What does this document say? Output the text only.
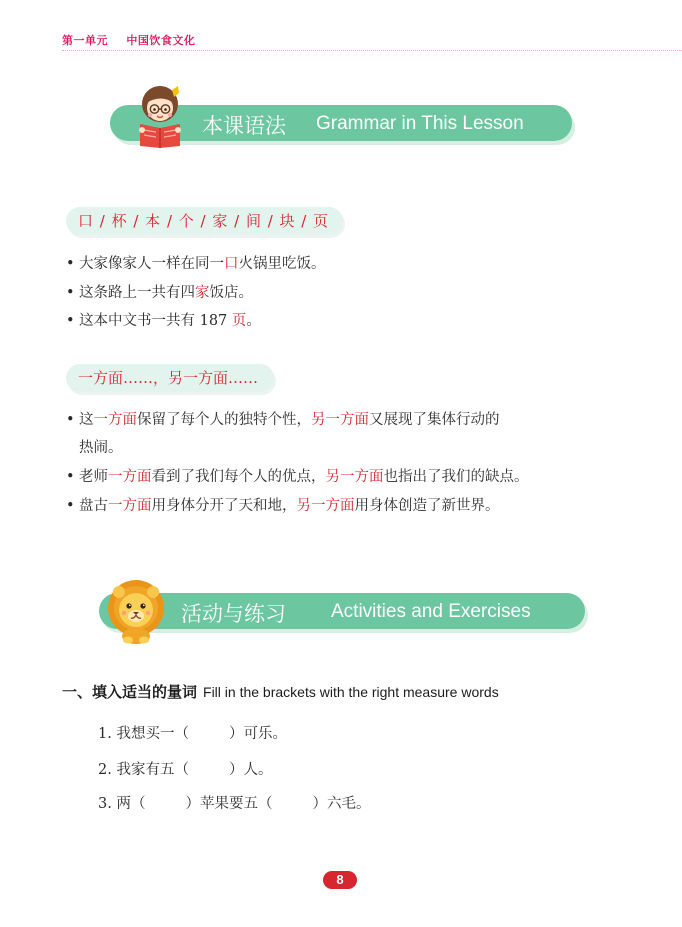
第一单元 中国饮食文化
本课语法 Grammar in This Lesson
口 / 杯 / 本 / 个 / 家 / 间 / 块 / 页
• 大家像家人一样在同一口火锅里吃饭。
• 这条路上一共有四家饭店。
• 这本中文书一共有 187 页。
一方面……，另一方面……
• 这一方面保留了每个人的独特个性，另一方面又展现了集体行动的
热闹。
• 老师一方面看到了我们每个人的优点，另一方面也指出了我们的缺点。
• 盘古一方面用身体分开了天和地，另一方面用身体创造了新世界。
活动与练习 Activities and Exercises
一、填入适当的量词 Fill in the brackets with the right measure words
1. 我想买一（	）可乐。
2. 我家有五（	）人。
3. 两（	）苹果要五（	）六毛。
8
